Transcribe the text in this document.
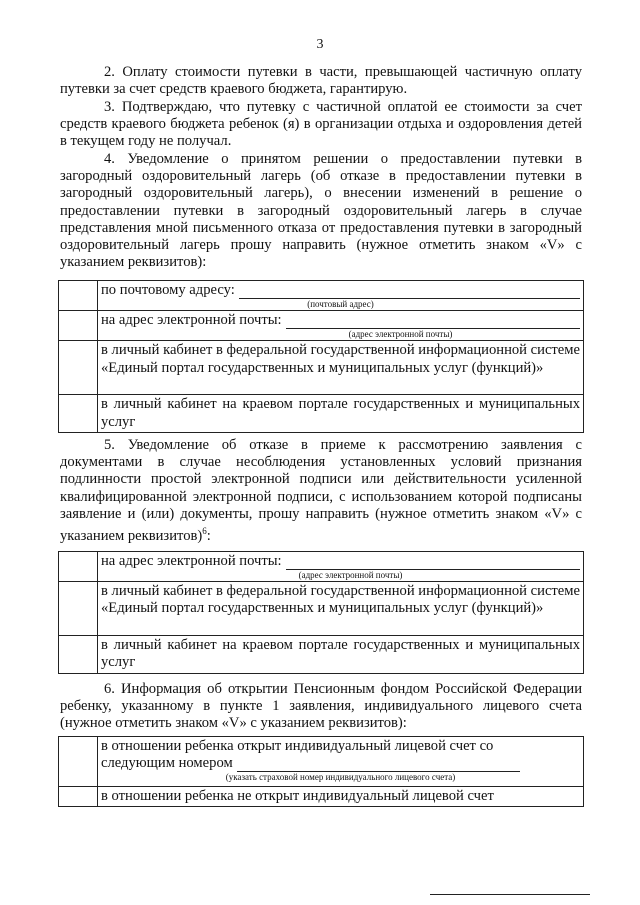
3
2. Оплату стоимости путевки в части, превышающей частичную оплату путевки за счет средств краевого бюджета, гарантирую.
3. Подтверждаю, что путевку с частичной оплатой ее стоимости за счет средств краевого бюджета ребенок (я) в организации отдыха и оздоровления детей в текущем году не получал.
4. Уведомление о принятом решении о предоставлении путевки в загородный оздоровительный лагерь (об отказе в предоставлении путевки в загородный оздоровительный лагерь), о внесении изменений в решение о предоставлении путевки в загородный оздоровительный лагерь в случае представления мной письменного отказа от предоставления путевки в загородный оздоровительный лагерь прошу направить (нужное отметить знаком «V» с указанием реквизитов):

	по почтовому адресу:
(почтовый адрес)

	на адрес электронной почты:
(адрес электронной почты)

	в личный кабинет в федеральной государственной информационной системе «Единый портал государственных и муниципальных услуг (функций)»
	в личный кабинет на краевом портале государственных и муниципальных услуг
5. Уведомление об отказе в приеме к рассмотрению заявления с документами в случае несоблюдения установленных условий признания подлинности простой электронной подписи или действительности усиленной квалифицированной электронной подписи, с использованием которой подписаны заявление и (или) документы, прошу направить (нужное отметить знаком «V» с указанием реквизитов)$^6$:

	на адрес электронной почты:
(адрес электронной почты)

	в личный кабинет в федеральной государственной информационной системе «Единый портал государственных и муниципальных услуг (функций)»
	в личный кабинет на краевом портале государственных и муниципальных услуг
6. Информация об открытии Пенсионным фондом Российской Федерации ребенку, указанному в пункте 1 заявления, индивидуального лицевого счета (нужное отметить знаком «V» с указанием реквизитов):

	в отношении ребенка открыт индивидуальный лицевой счет со
следующим номером
(указать страховой номер индивидуального лицевого счета)

	в отношении ребенка не открыт индивидуальный лицевой счет
